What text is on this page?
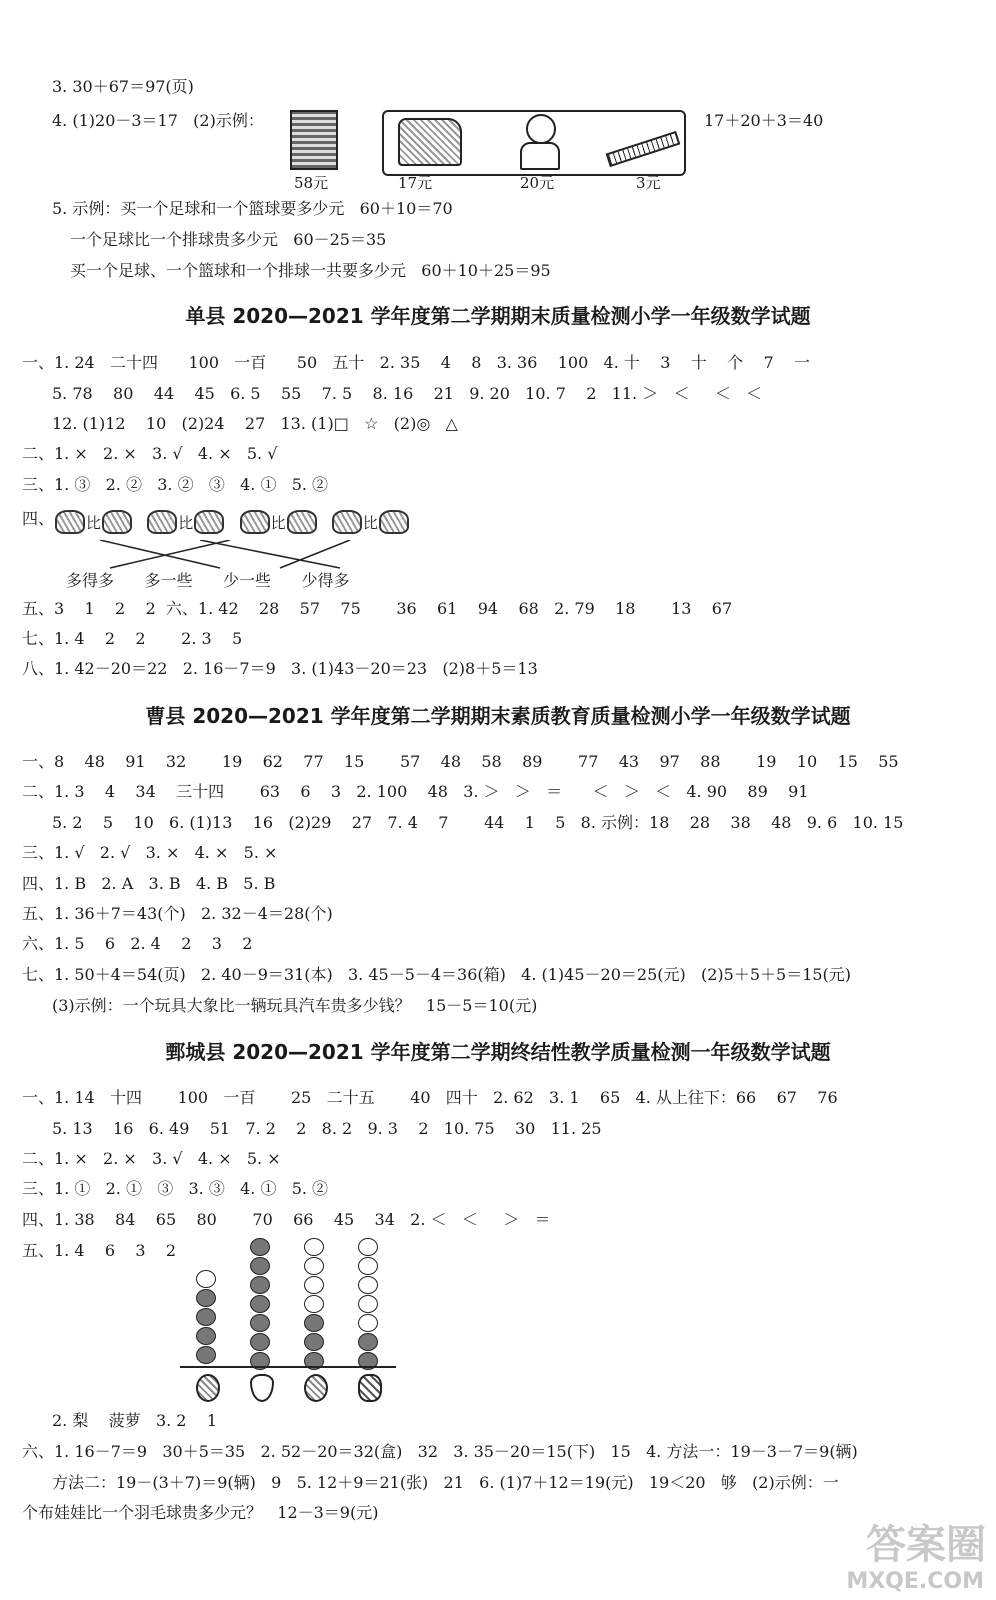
3. 30＋67＝97(页)
4. (1)20－3＝17   (2)示例：	17＋20＋3＝40
58元	17元	20元	3元
5. 示例：买一个足球和一个篮球要多少元   60＋10＝70
一个足球比一个排球贵多少元   60－25＝35
买一个足球、一个篮球和一个排球一共要多少元   60＋10＋25＝95
单县 2020—2021 学年度第二学期期末质量检测小学一年级数学试题
一、1. 24   二十四      100   一百      50   五十   2. 35    4    8   3. 36    100   4. 十    3    十    个    7    一
5. 78    80    44    45   6. 5    55    7. 5    8. 16    21   9. 20   10. 7    2   11. ＞   ＜     ＜   ＜
12. (1)12    10   (2)24    27   13. (1)□   ☆   (2)◎   △
二、1. ×   2. ×   3. √   4. ×   5. √
三、1. ③   2. ②   3. ②   ③   4. ①   5. ②
四、	比	比	比	比
多得多      多一些      少一些      少得多
五、3    1    2    2  六、1. 42    28    57    75       36    61    94    68   2. 79    18       13    67
七、1. 4    2    2       2. 3    5
八、1. 42－20＝22   2. 16－7＝9   3. (1)43－20＝23   (2)8＋5＝13
曹县 2020—2021 学年度第二学期期末素质教育质量检测小学一年级数学试题
一、8    48    91    32       19    62    77    15       57    48    58    89       77    43    97    88       19    10    15    55
二、1. 3    4    34    三十四       63    6    3   2. 100    48   3. ＞   ＞   ＝      ＜   ＞   ＜   4. 90    89    91
5. 2    5    10   6. (1)13    16   (2)29    27   7. 4    7       44    1    5   8. 示例：18    28    38    48   9. 6   10. 15
三、1. √   2. √   3. ×   4. ×   5. ×
四、1. B   2. A   3. B   4. B   5. B
五、1. 36＋7＝43(个)   2. 32－4＝28(个)
六、1. 5    6   2. 4    2    3    2
七、1. 50＋4＝54(页)   2. 40－9＝31(本)   3. 45－5－4＝36(箱)   4. (1)45－20＝25(元)   (2)5＋5＋5＝15(元)
(3)示例：一个玩具大象比一辆玩具汽车贵多少钱？   15－5＝10(元)
鄄城县 2020—2021 学年度第二学期终结性教学质量检测一年级数学试题
一、1. 14   十四       100   一百       25   二十五       40   四十   2. 62   3. 1    65   4. 从上往下：66    67    76
5. 13    16   6. 49    51   7. 2    2   8. 2   9. 3    2   10. 75    30   11. 25
二、1. ×   2. ×   3. √   4. ×   5. ×
三、1. ①   2. ①   ③   3. ③   4. ①   5. ②
四、1. 38    84    65    80       70    66    45    34   2. ＜   ＜     ＞   ＝
五、1. 4    6    3    2
2. 梨    菠萝   3. 2    1
六、1. 16－7＝9   30＋5＝35   2. 52－20＝32(盒)   32   3. 35－20＝15(下)   15   4. 方法一：19－3－7＝9(辆)
方法二：19－(3＋7)＝9(辆)   9   5. 12＋9＝21(张)   21   6. (1)7＋12＝19(元)   19＜20   够   (2)示例：一
个布娃娃比一个羽毛球贵多少元？   12－3＝9(元)
答案圈
MXQE.COM
